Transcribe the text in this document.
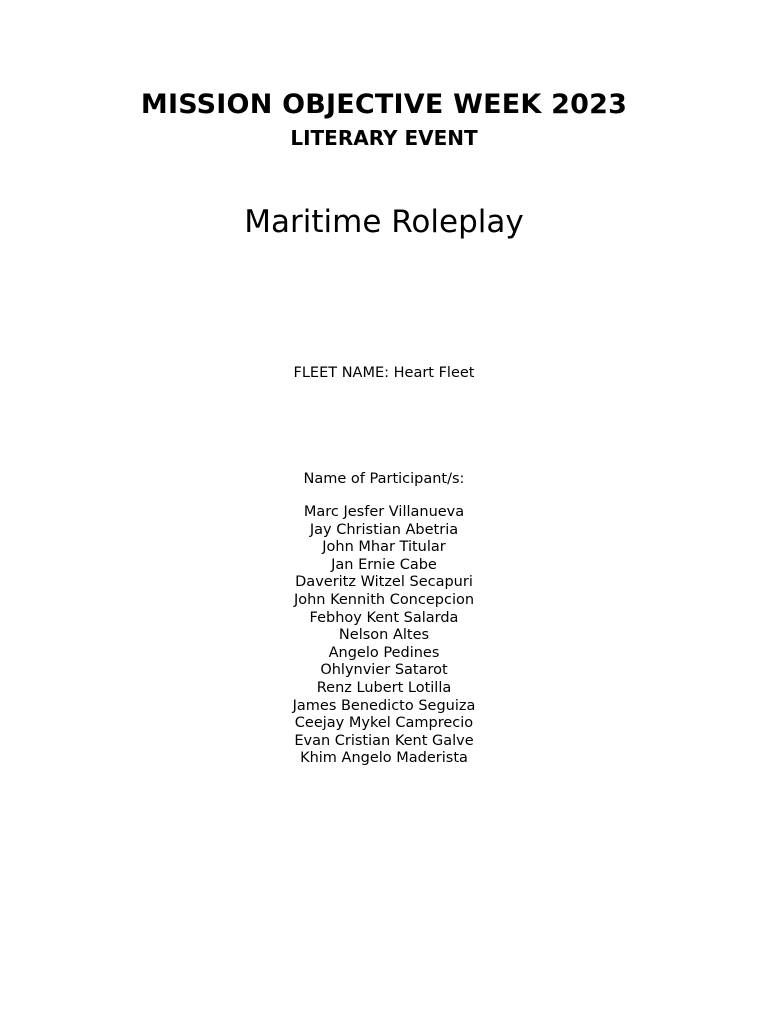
MISSION OBJECTIVE WEEK 2023
LITERARY EVENT
Maritime Roleplay
FLEET NAME: Heart Fleet
Name of Participant/s:
Marc Jesfer Villanueva
Jay Christian Abetria
John Mhar Titular
Jan Ernie Cabe
Daveritz Witzel Secapuri
John Kennith Concepcion
Febhoy Kent Salarda
Nelson Altes
Angelo Pedines
Ohlynvier Satarot
Renz Lubert Lotilla
James Benedicto Seguiza
Ceejay Mykel Camprecio
Evan Cristian Kent Galve
Khim Angelo Maderista
